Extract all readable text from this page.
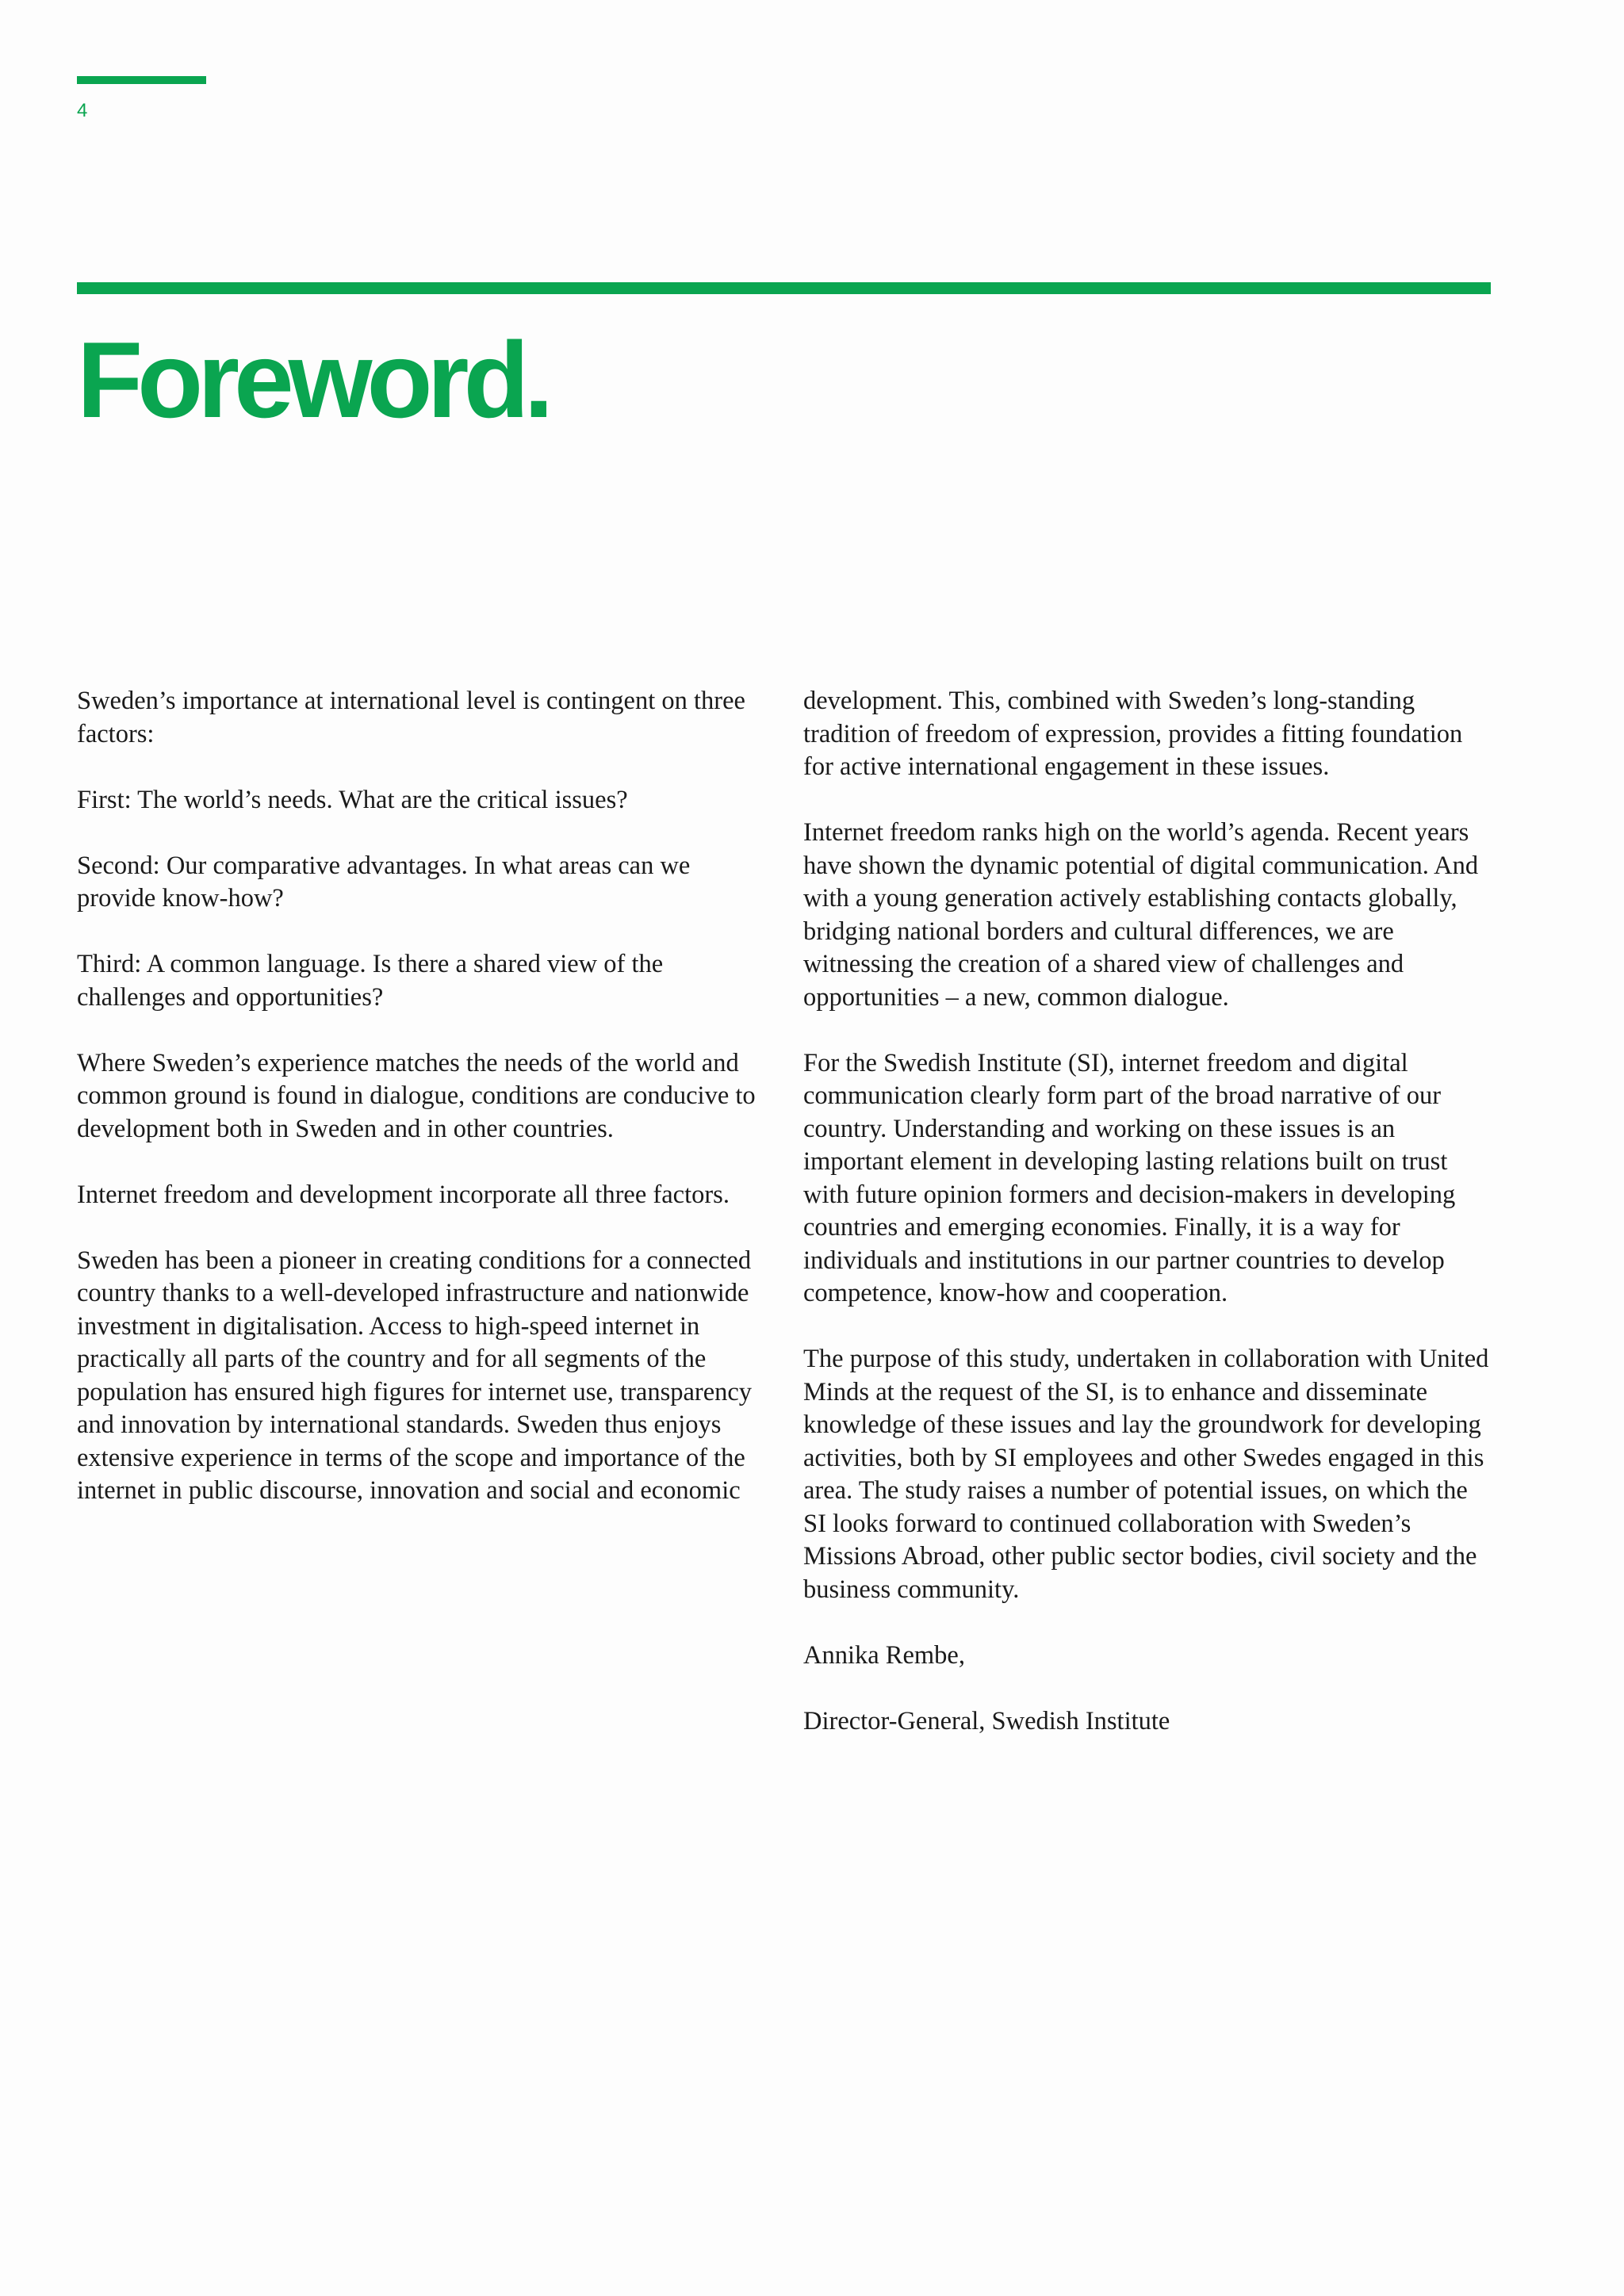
4
Foreword.

Sweden’s importance at international level is contingent on three factors:

First: The world’s needs. What are the critical issues?

Second: Our comparative advantages. In what areas can we provide know-how?

Third: A common language. Is there a shared view of the challenges and opportunities?

Where Sweden’s experience matches the needs of the world and common ground is found in dialogue, conditions are conducive to development both in Sweden and in other countries.

Internet freedom and development incorporate all three factors.

Sweden has been a pioneer in creating conditions for a connected country thanks to a well-developed infrastructure and nationwide investment in digitalisation. Access to high-speed internet in practically all parts of the country and for all segments of the population has ensured high figures for internet use, transparency and innovation by international standards. Sweden thus enjoys extensive experience in terms of the scope and importance of the internet in public discourse, innovation and social and economic

development. This, combined with Sweden’s long-standing tradition of freedom of expression, provides a fitting foundation for active international engagement in these issues.

Internet freedom ranks high on the world’s agenda. Recent years have shown the dynamic potential of digital communication. And with a young generation actively establishing contacts globally, bridging national borders and cultural differences, we are witnessing the creation of a shared view of challenges and opportunities – a new, common dialogue.

For the Swedish Institute (SI), internet freedom and digital communication clearly form part of the broad narrative of our country. Understanding and working on these issues is an important element in developing lasting relations built on trust with future opinion formers and decision-makers in developing countries and emerging economies. Finally, it is a way for individuals and institutions in our partner countries to develop competence, know-how and cooperation.

The purpose of this study, undertaken in collaboration with United Minds at the request of the SI, is to enhance and disseminate knowledge of these issues and lay the groundwork for developing activities, both by SI employees and other Swedes engaged in this area. The study raises a number of potential issues, on which the SI looks forward to continued collaboration with Sweden’s Missions Abroad, other public sector bodies, civil society and the business community.

Annika Rembe,

Director-General, Swedish Institute
